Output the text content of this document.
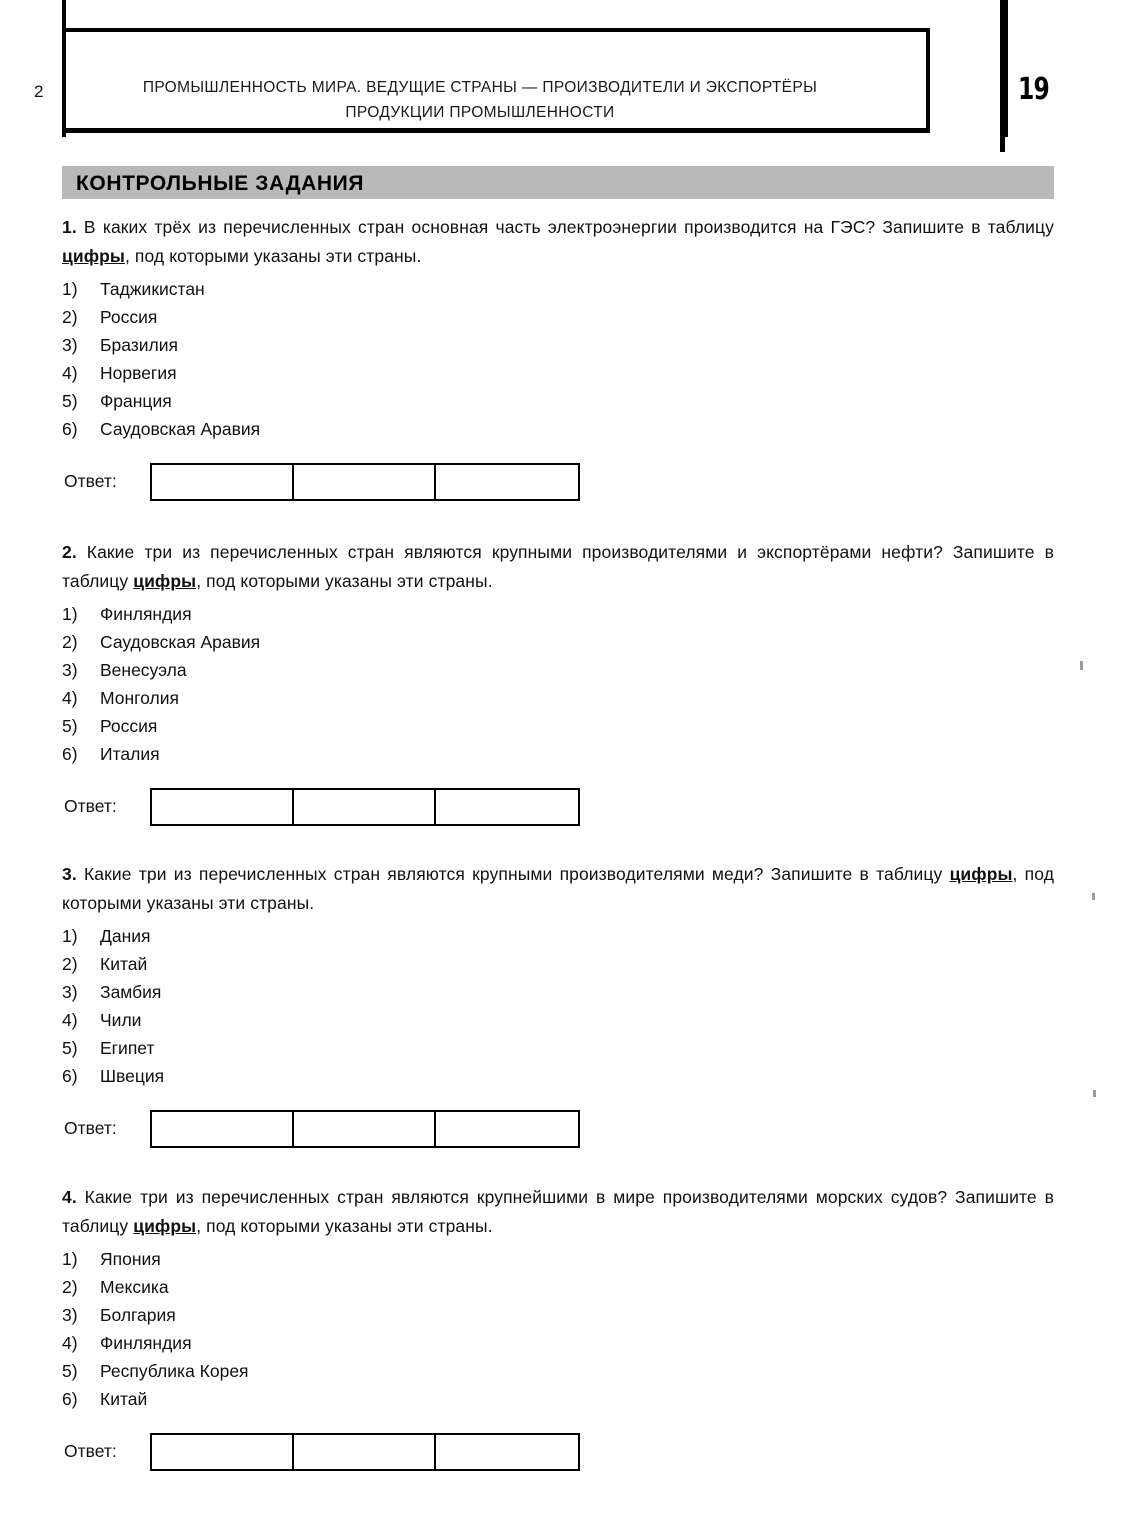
2	ПРОМЫШЛЕННОСТЬ МИРА. ВЕДУЩИЕ СТРАНЫ — ПРОИЗВОДИТЕЛИ И ЭКСПОРТЁРЫ
ПРОДУКЦИИ ПРОМЫШЛЕННОСТИ
19
КОНТРОЛЬНЫЕ ЗАДАНИЯ
1. В каких трёх из перечисленных стран основная часть электроэнергии производится на ГЭС? Запишите в таблицу цифры, под которыми указаны эти страны.
1) Таджикистан
2) Россия
3) Бразилия
4) Норвегия
5) Франция
6) Саудовская Аравия
Ответ:
2. Какие три из перечисленных стран являются крупными производителями и экспортёрами нефти? Запишите в таблицу цифры, под которыми указаны эти страны.
1) Финляндия
2) Саудовская Аравия
3) Венесуэла
4) Монголия
5) Россия
6) Италия
Ответ:
3. Какие три из перечисленных стран являются крупными производителями меди? Запишите в таблицу цифры, под которыми указаны эти страны.
1) Дания
2) Китай
3) Замбия
4) Чили
5) Египет
6) Швеция
Ответ:
4. Какие три из перечисленных стран являются крупнейшими в мире производителями морских судов? Запишите в таблицу цифры, под которыми указаны эти страны.
1) Япония
2) Мексика
3) Болгария
4) Финляндия
5) Республика Корея
6) Китай
Ответ:
